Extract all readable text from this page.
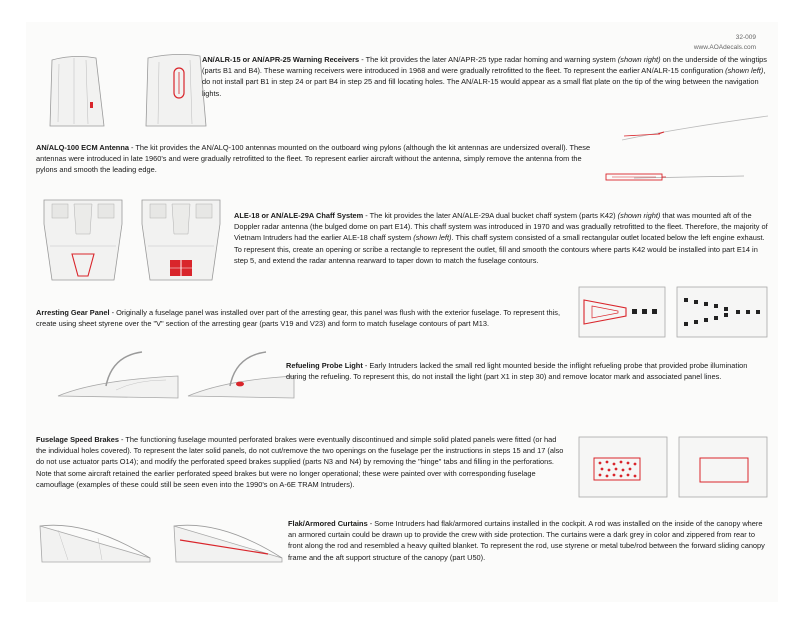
32-009
www.AOAdecals.com

AN/ALR-15 or AN/APR-25 Warning Receivers - The kit provides the later AN/APR-25 type radar homing and warning system (shown right) on the underside of the wingtips (parts B1 and B4). These warning receivers were introduced in 1968 and were gradually retrofitted to the fleet. To represent the earlier AN/ALR-15 configuration (shown left), do not install part B1 in step 24 or part B4 in step 25 and fill locating holes. The AN/ALR-15 would appear as a small flat plate on the tip of the wing between the navigation lights.

AN/ALQ-100 ECM Antenna - The kit provides the AN/ALQ-100 antennas mounted on the outboard wing pylons (although the kit antennas are undersized overall). These antennas were introduced in late 1960's and were gradually retrofitted to the fleet. To represent earlier aircraft without the antenna, simply remove the antenna from the pylons and smooth the leading edge.

ALE-18 or AN/ALE-29A Chaff System - The kit provides the later AN/ALE-29A dual bucket chaff system (parts K42) (shown right) that was mounted aft of the Doppler radar antenna (the bulged dome on part E14). This chaff system was introduced in 1970 and was gradually retrofitted to the fleet. Therefore, the majority of Vietnam Intruders had the earlier ALE-18 chaff system (shown left). This chaff system consisted of a small rectangular outlet located below the left engine exhaust. To represent this, create an opening or scribe a rectangle to represent the outlet, fill and smooth the contours where parts K42 would be installed into part E14 in step 5, and extend the radar antenna rearward to taper down to match the fuselage contours.

Arresting Gear Panel - Originally a fuselage panel was installed over part of the arresting gear, this panel was flush with the exterior fuselage. To represent this, create using sheet styrene over the "V" section of the arresting gear (parts V19 and V23) and form to match fuselage contours of part M13.

Refueling Probe Light - Early Intruders lacked the small red light mounted beside the inflight refueling probe that provided probe illumination during the refueling. To represent this, do not install the light (part X1 in step 30) and remove locator mark and associated panel lines.

Fuselage Speed Brakes - The functioning fuselage mounted perforated brakes were eventually discontinued and simple solid plated panels were fitted (or had the individual holes covered). To represent the later solid panels, do not cut/remove the two openings on the fuselage per the instructions in steps 15 and 17 (also do not use actuator parts O14); and modify the perforated speed brakes supplied (parts N3 and N4) by removing the "hinge" tabs and filling in the perforations. Note that some aircraft retained the earlier perforated speed brakes but were no longer operational; these were painted over with corresponding fuselage camouflage (examples of these could still be seen even into the 1990's on A-6E TRAM Intruders).

Flak/Armored Curtains - Some Intruders had flak/armored curtains installed in the cockpit. A rod was installed on the inside of the canopy where an armored curtain could be drawn up to provide the crew with side protection. The curtains were a dark grey in color and zippered from rear to front along the rod and resembled a heavy quilted blanket. To represent the rod, use styrene or metal tube/rod between the forward sliding canopy frame and the aft support structure of the canopy (part U50).
